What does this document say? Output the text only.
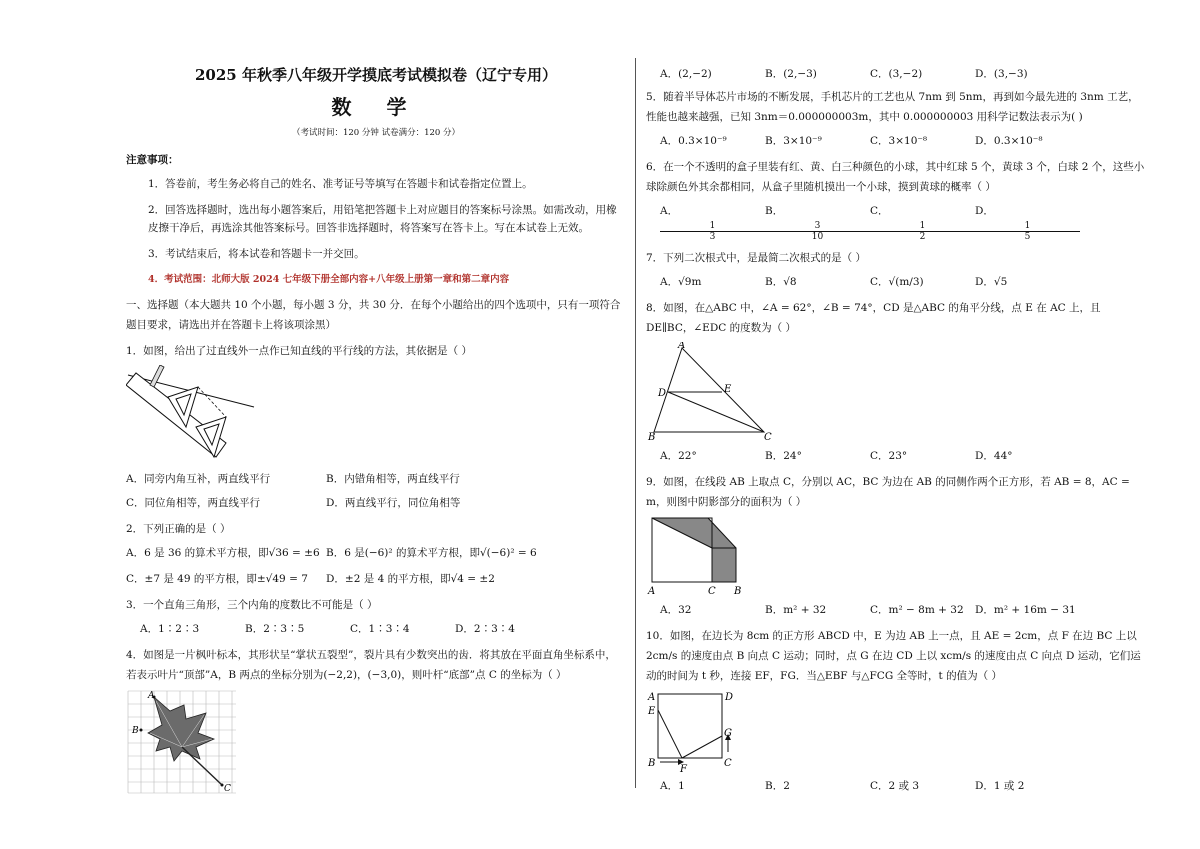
2025 年秋季八年级开学摸底考试模拟卷（辽宁专用）
数 学
（考试时间：120 分钟 试卷满分：120 分）
注意事项：
1．答卷前，考生务必将自己的姓名、准考证号等填写在答题卡和试卷指定位置上。
2．回答选择题时，选出每小题答案后，用铅笔把答题卡上对应题目的答案标号涂黑。如需改动，用橡皮擦干净后，再选涂其他答案标号。回答非选择题时，将答案写在答卡上。写在本试卷上无效。
3．考试结束后，将本试卷和答题卡一并交回。
4．考试范围：北师大版 2024 七年级下册全部内容+八年级上册第一章和第二章内容
一、选择题（本大题共 10 个小题，每小题 3 分，共 30 分．在每个小题给出的四个选项中，只有一项符合题目要求，请选出并在答题卡上将该项涂黑）
1．如图，给出了过直线外一点作已知直线的平行线的方法，其依据是（ ）
A．同旁内角互补，两直线平行	B．内错角相等，两直线平行
C．同位角相等，两直线平行	D．两直线平行，同位角相等
2．下列正确的是（ ）
A．6 是 36 的算术平方根，即√36 = ±6 B．6 是(−6)² 的算术平方根，即√(−6)² = 6
C．±7 是 49 的平方根，即±√49 = 7	D．±2 是 4 的平方根，即√4 = ±2
3．一个直角三角形，三个内角的度数比不可能是（ ）
A．1∶2∶3	B．2∶3∶5	C．1∶3∶4	D．2∶3∶4
4．如图是一片枫叶标本，其形状呈“掌状五裂型”，裂片具有少数突出的齿．将其放在平面直角坐标系中，若表示叶片“顶部”A，B 两点的坐标分别为(−2,2)，(−3,0)，则叶杆“底部”点 C 的坐标为（ ）
A
B
C
A．(2,−2)	B．(2,−3)	C．(3,−2)	D．(3,−3)
5．随着半导体芯片市场的不断发展，手机芯片的工艺也从 7nm 到 5nm，再到如今最先进的 3nm 工艺，性能也越来越强，已知 3nm＝0.000000003m，其中 0.000000003 用科学记数法表示为( )
A．0.3×10⁻⁹	B．3×10⁻⁹	C．3×10⁻⁸	D．0.3×10⁻⁸
6．在一个不透明的盒子里装有红、黄、白三种颜色的小球，其中红球 5 个，黄球 3 个，白球 2 个，这些小球除颜色外其余都相同，从盒子里随机摸出一个小球，摸到黄球的概率（ ）
A．
$\frac{1}{3}$
B．
$\frac{3}{10}$
C．
$\frac{1}{2}$
D．
$\frac{1}{5}$
7．下列二次根式中，是最简二次根式的是（ ）
A．√9m	B．√8	C．√(m/3)	D．√5
8．如图，在△ABC 中，∠A = 62°，∠B = 74°，CD 是△ABC 的角平分线，点 E 在 AC 上，且 DE∥BC，∠EDC 的度数为（ ）
A
D	E
B	C
A．22°	B．24°	C．23°	D．44°
9．如图，在线段 AB 上取点 C，分别以 AC，BC 为边在 AB 的同侧作两个正方形，若 AB = 8，AC = m，则图中阴影部分的面积为（ ）
A	C B
A．32	B．m² + 32	C．m² − 8m + 32	D．m² + 16m − 31
10．如图，在边长为 8cm 的正方形 ABCD 中，E 为边 AB 上一点，且 AE = 2cm，点 F 在边 BC 上以 2cm/s 的速度由点 B 向点 C 运动；同时，点 G 在边 CD 上以 xcm/s 的速度由点 C 向点 D 运动，它们运动的时间为 t 秒，连接 EF，FG．当△EBF 与△FCG 全等时，t 的值为（ ）
A	D
E
G
B
F
C
A．1	B．2	C．2 或 3	D．1 或 2
